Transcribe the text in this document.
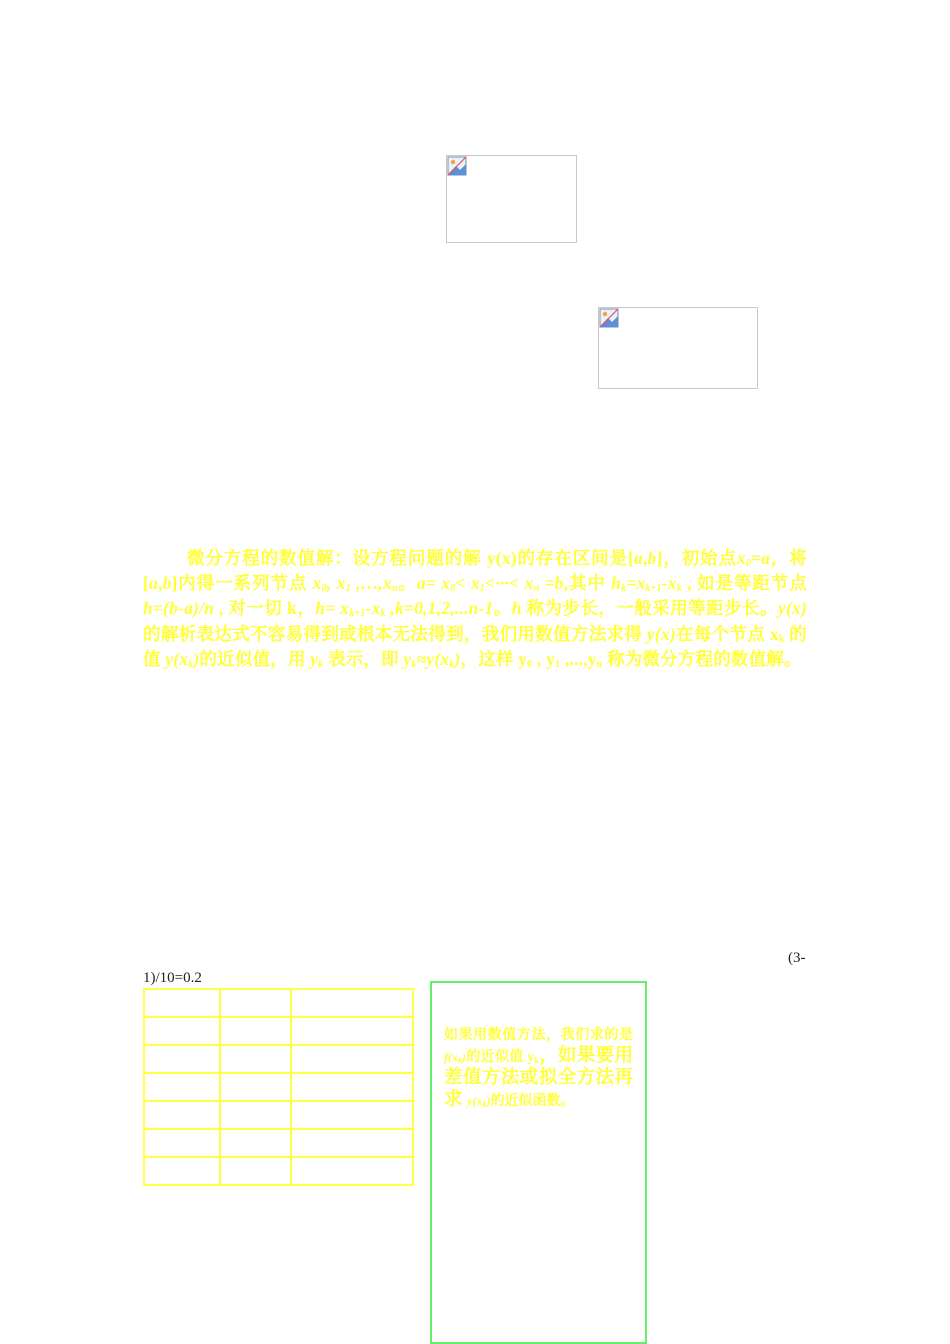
微分方程的数值解：设方程问题的解 y(x)的存在区间是[a,b]，初始点$x_0=a$，将[a,b]内得一系列节点 $x_0$, $x_1$ $,\dots,x_n$。$a= x_0< x_1<\cdot\cdot\cdot< x_n =b$,其中 $h_k=x_{k+1}-x_k$ , 如是等距节点 h=(b-a)/n , 对一切 k，$h= x_{k+1}-x_k$ ,k=0,1,2,...n-1。h 称为步长，一般采用等距步长。y(x)的解析表达式不容易得到或根本无法得到，我们用数值方法求得 y(x)在每个节点 $x_k$ 的值 $y(x_k)$的近似值，用 $y_k$ 表示，即 $y_k\approx y(x_k)$，这样 $y_0$ , $y_1$ $,...,y_n$ 称为微分方程的数值解。
(3-
1)/10=0.2

如果用数值方法，我们求的是 $f(x_k)$的近似值 $y_k$，如果要用差值方法或拟全方法再求 $y(x_k)$的近似函数。
